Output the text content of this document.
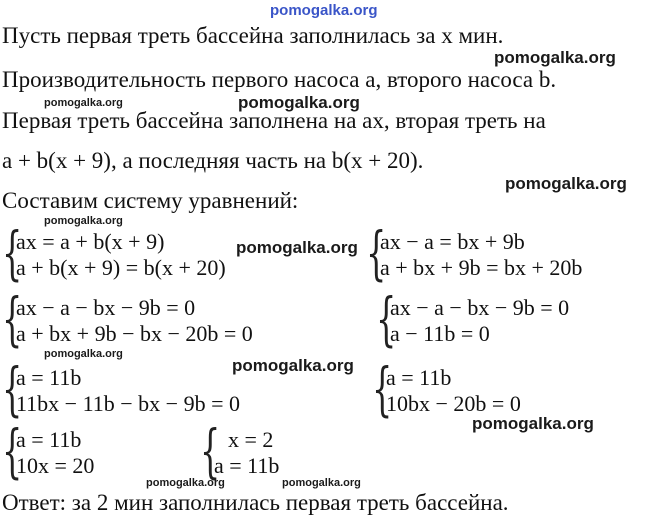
pomogalka.org
Пусть первая треть бассейна заполнилась за x мин.
pomogalka.org
Производительность первого насоса a, второго насоса b.
pomogalka.org	pomogalka.org
Первая треть бассейна заполнена на ax, вторая треть на
a + b(x + 9), а последняя часть на b(x + 20).
pomogalka.org
Составим систему уравнений:
pomogalka.org
{
ax = a + b(x + 9)
a + b(x + 9) = b(x + 20)
pomogalka.org {
ax − a = bx + 9b
a + bx + 9b = bx + 20b
{
ax − a − bx − 9b = 0
a + bx + 9b − bx − 20b = 0 {
ax − a − bx − 9b = 0
a − 11b = 0
pomogalka.org
pomogalka.org
{
a = 11b
11bx − 11b − bx − 9b = 0 {
a = 11b
10bx − 20b = 0
pomogalka.org
{
a = 11b
10x = 20 { x = 2
a = 11b
pomogalka.org	pomogalka.org
Ответ: за 2 мин заполнилась первая треть бассейна.
